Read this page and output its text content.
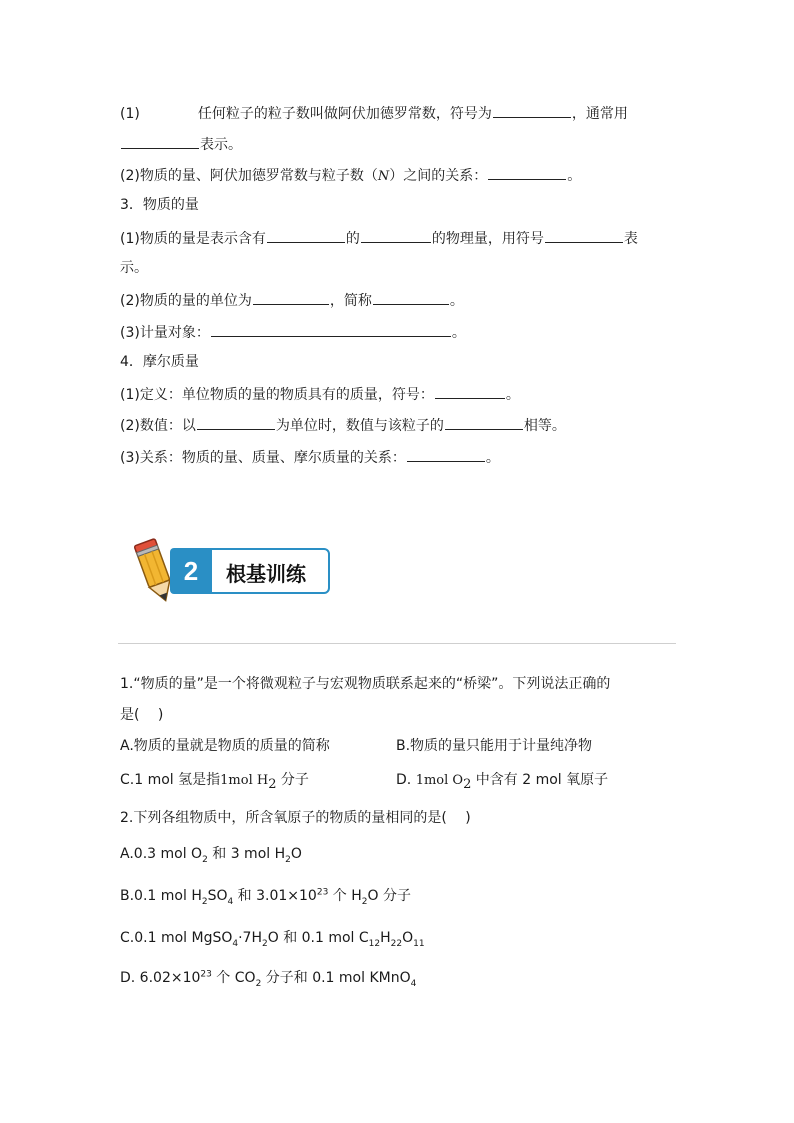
(1)	任何粒子的粒子数叫做阿伏加德罗常数，符号为	，通常用
表示。
(2)物质的量、阿伏加德罗常数与粒子数（N）之间的关系：	。
3．物质的量
(1)物质的量是表示含有	的	的物理量，用符号	表
示。
(2)物质的量的单位为	，简称	。
(3)计量对象：	。
4．摩尔质量
(1)定义：单位物质的量的物质具有的质量，符号：	。
(2)数值：以	为单位时，数值与该粒子的	相等。
(3)关系：物质的量、质量、摩尔质量的关系：	。
2	根基训练
1.“物质的量”是一个将微观粒子与宏观物质联系起来的“桥梁”。下列说法正确的
是(　 )
A.物质的量就是物质的质量的简称	B.物质的量只能用于计量纯净物
C.1 mol 氢是指1mol $H_2$ 分子	D. 1mol $O_2$ 中含有 2 mol 氧原子
2.下列各组物质中，所含氧原子的物质的量相同的是(　 )
A.0.3 mol $O_2$ 和 3 mol $H_2O$
B.0.1 mol $H_2SO_4$ 和 $3.01\times 10^{23}$ 个 $H_2O$ 分子
C.0.1 mol $MgSO_4\cdot 7H_2O$ 和 0.1 mol $C_{12}H_{22}O_{11}$
D. $6.02\times 10^{23}$ 个 $CO_2$ 分子和 0.1 mol KMnO$_4$
